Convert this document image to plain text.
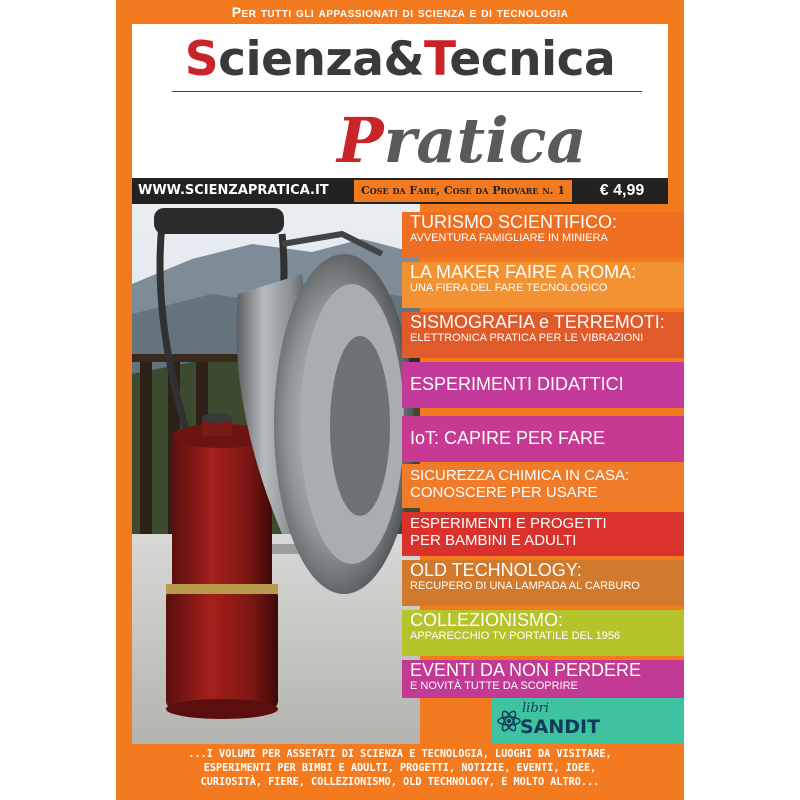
Per tutti gli appassionati di scienza e di tecnologia
Scienza&Tecnica
Pratica
WWW.SCIENZAPRATICA.IT	Cose da Fare, Cose da Provare n. 1	€ 4,99
TURISMO SCIENTIFICO:
AVVENTURA FAMIGLIARE IN MINIERA
LA MAKER FAIRE A ROMA:
UNA FIERA DEL FARE TECNOLOGICO
SISMOGRAFIA e TERREMOTI:
ELETTRONICA PRATICA PER LE VIBRAZIONI
ESPERIMENTI DIDATTICI
IoT: CAPIRE PER FARE
SICUREZZA CHIMICA IN CASA:
CONOSCERE PER USARE
ESPERIMENTI E PROGETTI
PER BAMBINI E ADULTI
OLD TECHNOLOGY:
RECUPERO DI UNA LAMPADA AL CARBURO
COLLEZIONISMO:
APPARECCHIO TV PORTATILE DEL 1956
EVENTI DA NON PERDERE
E NOVITÀ TUTTE DA SCOPRIRE
libri
SANDIT
...I VOLUMI PER ASSETATI DI SCIENZA E TECNOLOGIA, LUOGHI DA VISITARE,
ESPERIMENTI PER BIMBI E ADULTI, PROGETTI, NOTIZIE, EVENTI, IDEE,
CURIOSITÀ, FIERE, COLLEZIONISMO, OLD TECHNOLOGY, E MOLTO ALTRO...
